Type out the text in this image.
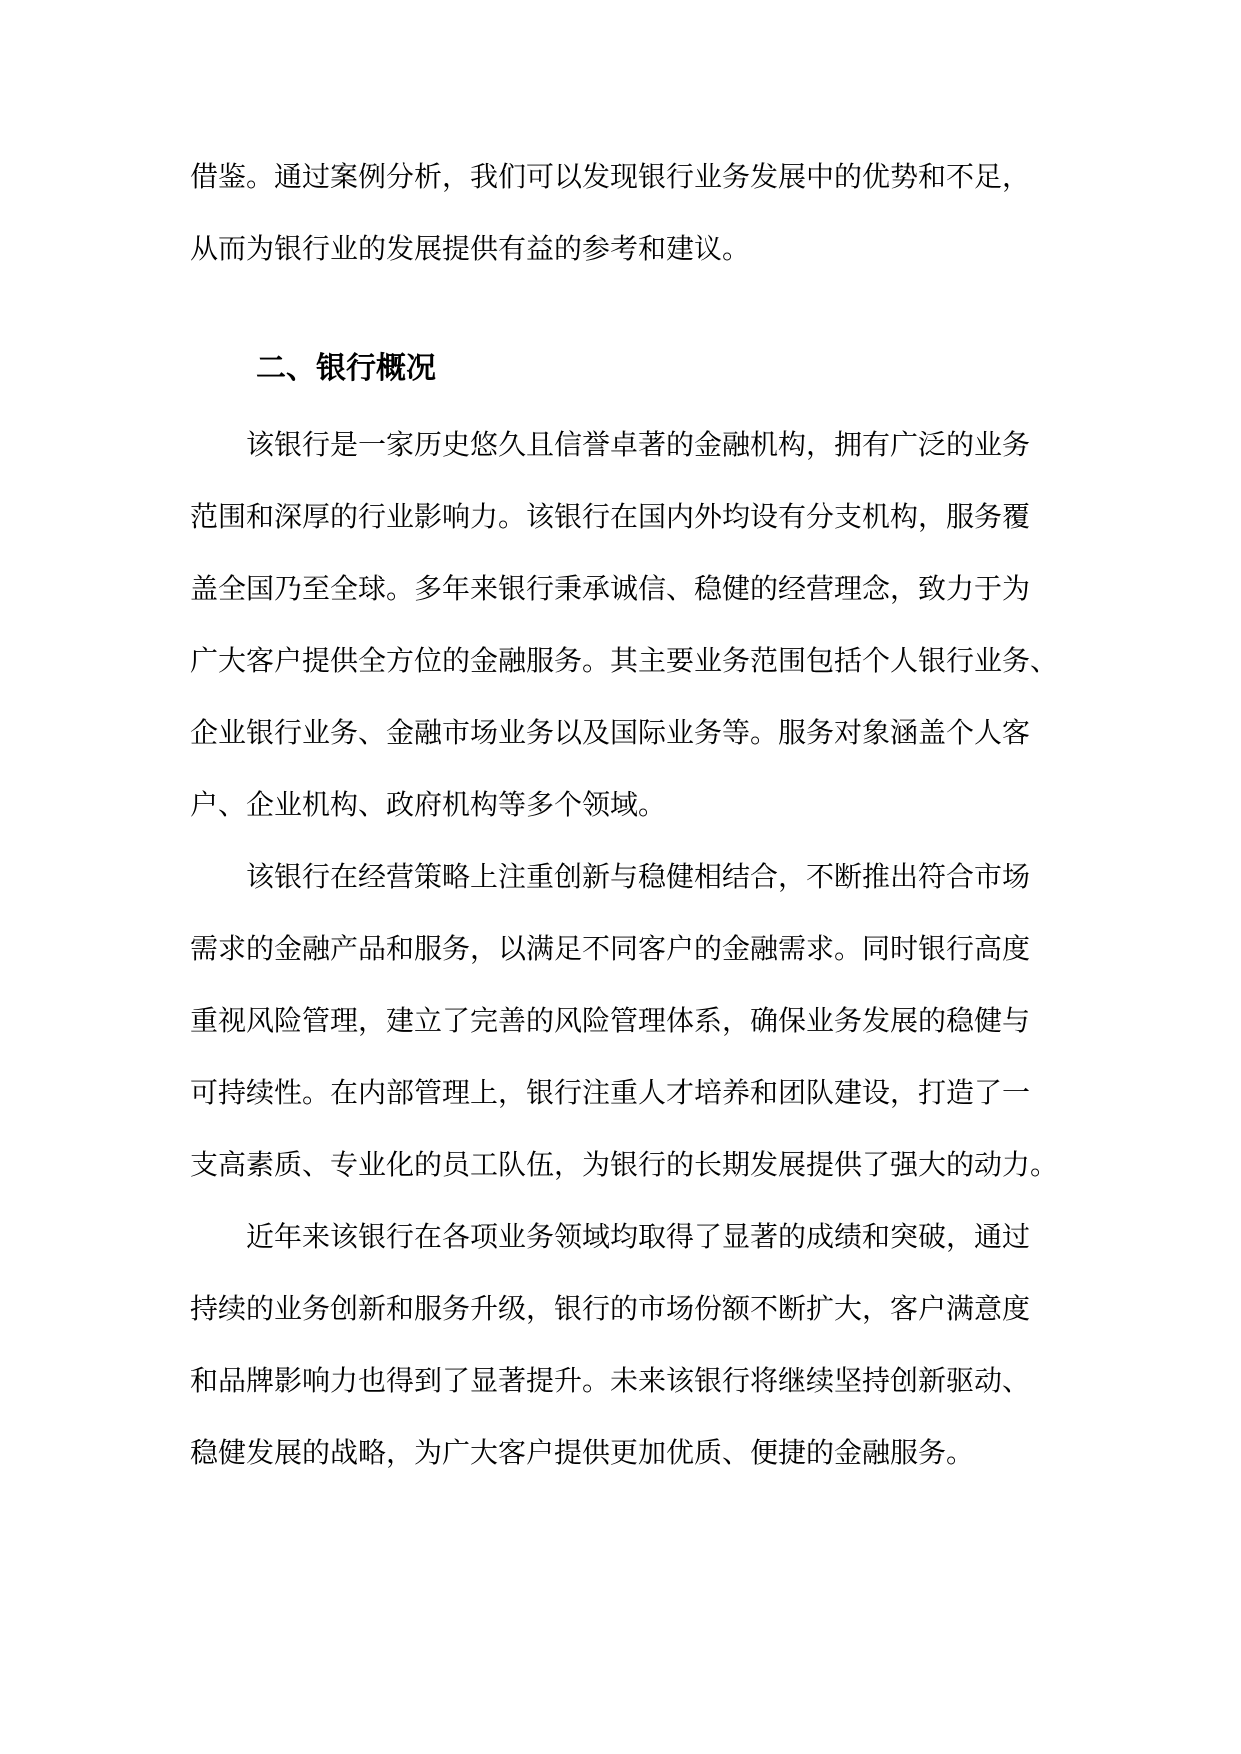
借鉴。通过案例分析，我们可以发现银行业务发展中的优势和不足，
从而为银行业的发展提供有益的参考和建议。
二、银行概况
该银行是一家历史悠久且信誉卓著的金融机构，拥有广泛的业务
范围和深厚的行业影响力。该银行在国内外均设有分支机构，服务覆
盖全国乃至全球。多年来银行秉承诚信、稳健的经营理念，致力于为
广大客户提供全方位的金融服务。其主要业务范围包括个人银行业务、
企业银行业务、金融市场业务以及国际业务等。服务对象涵盖个人客
户、企业机构、政府机构等多个领域。
该银行在经营策略上注重创新与稳健相结合，不断推出符合市场
需求的金融产品和服务，以满足不同客户的金融需求。同时银行高度
重视风险管理，建立了完善的风险管理体系，确保业务发展的稳健与
可持续性。在内部管理上，银行注重人才培养和团队建设，打造了一
支高素质、专业化的员工队伍，为银行的长期发展提供了强大的动力。
近年来该银行在各项业务领域均取得了显著的成绩和突破，通过
持续的业务创新和服务升级，银行的市场份额不断扩大，客户满意度
和品牌影响力也得到了显著提升。未来该银行将继续坚持创新驱动、
稳健发展的战略，为广大客户提供更加优质、便捷的金融服务。
